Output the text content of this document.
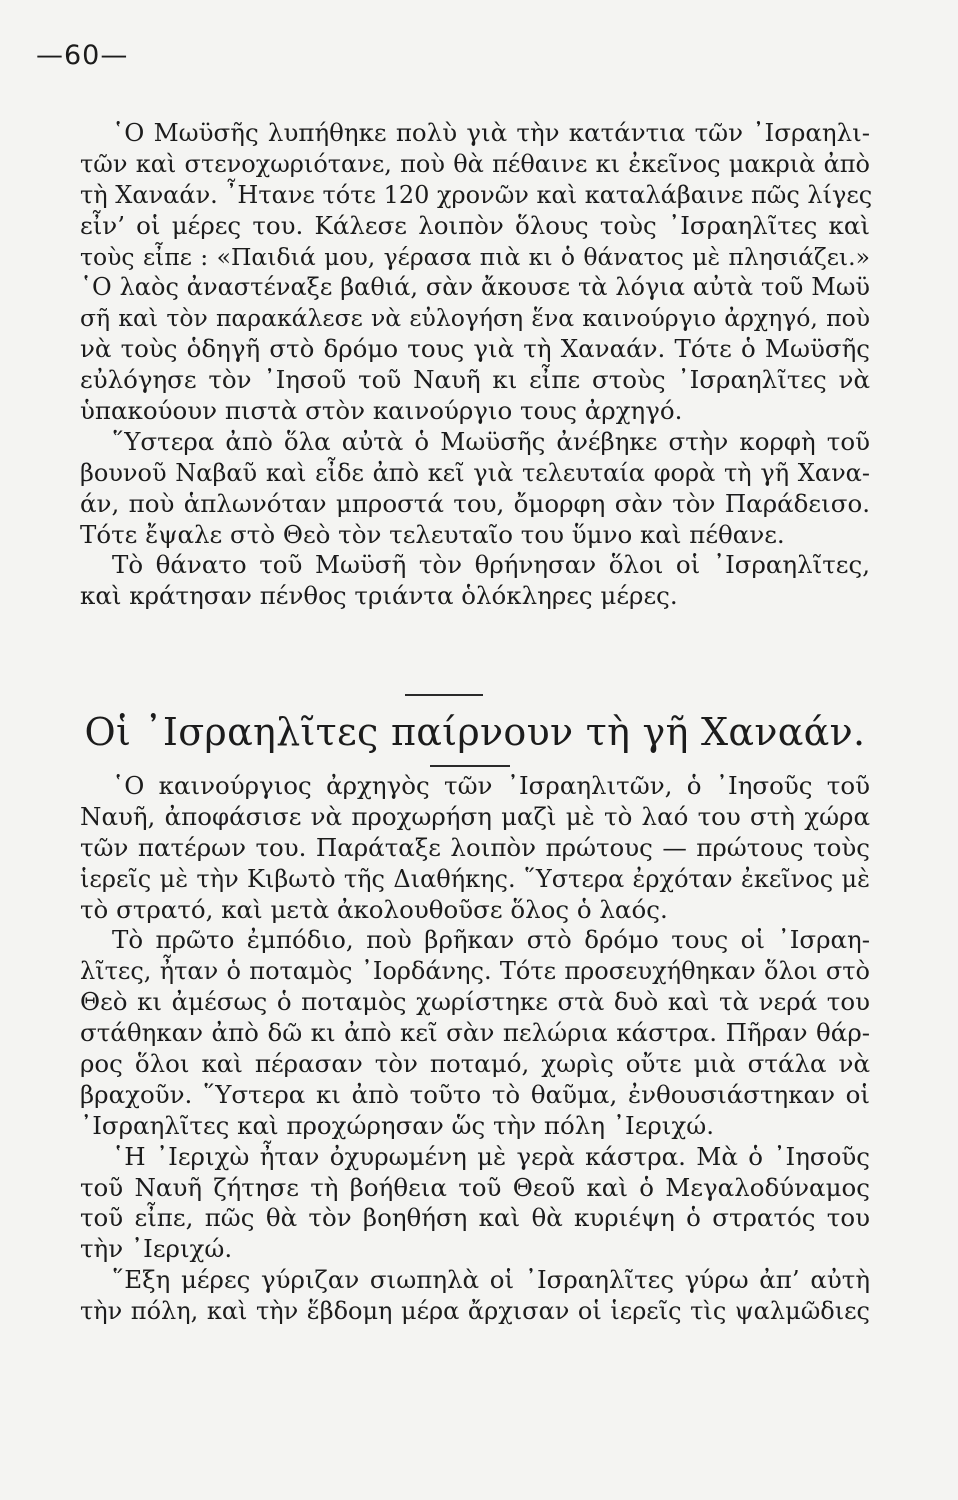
—60—
῾Ο Μωϋσῆς λυπήθηκε πολὺ γιὰ τὴν κατάντια τῶν ᾿Ισραηλι-
τῶν καὶ στενοχωριότανε, ποὺ θὰ πέθαινε κι ἐκεῖνος μακριὰ ἀπὸ
τὴ Χαναάν. ῏Ητανε τότε 120 χρονῶν καὶ καταλάβαινε πῶς λίγες
εἶν’ οἱ μέρες του. Κάλεσε λοιπὸν ὅλους τοὺς ᾿Ισραηλῖτες καὶ
τοὺς εἶπε : «Παιδιά μου, γέρασα πιὰ κι ὁ θάνατος μὲ πλησιάζει.»
῾Ο λαὸς ἀναστέναξε βαθιά, σὰν ἄκουσε τὰ λόγια αὐτὰ τοῦ Μωϋ
σῆ καὶ τὸν παρακάλεσε νὰ εὐλογήση ἕνα καινούργιο ἀρχηγό, ποὺ
νὰ τοὺς ὁδηγῆ στὸ δρόμο τους γιὰ τὴ Χαναάν. Τότε ὁ Μωϋσῆς
εὐλόγησε τὸν ᾿Ιησοῦ τοῦ Ναυῆ κι εἶπε στοὺς ᾿Ισραηλῖτες νὰ
ὑπακούουν πιστὰ στὸν καινούργιο τους ἀρχηγό.
῞Υστερα ἀπὸ ὅλα αὐτὰ ὁ Μωϋσῆς ἀνέβηκε στὴν κορφὴ τοῦ
βουνοῦ Ναβαῦ καὶ εἶδε ἀπὸ κεῖ γιὰ τελευταία φορὰ τὴ γῆ Χανα-
άν, ποὺ ἁπλωνόταν μπροστά του, ὄμορφη σὰν τὸν Παράδεισο.
Τότε ἔψαλε στὸ Θεὸ τὸν τελευταῖο του ὕμνο καὶ πέθανε.
Τὸ θάνατο τοῦ Μωϋσῆ τὸν θρήνησαν ὅλοι οἱ ᾿Ισραηλῖτες,
καὶ κράτησαν πένθος τριάντα ὁλόκληρες μέρες.
Οἱ ᾿Ισραηλῖτες παίρνουν τὴ γῆ Χαναάν.
῾Ο καινούργιος ἀρχηγὸς τῶν ᾿Ισραηλιτῶν, ὁ ᾿Ιησοῦς τοῦ
Ναυῆ, ἀποφάσισε νὰ προχωρήση μαζὶ μὲ τὸ λαό του στὴ χώρα
τῶν πατέρων του. Παράταξε λοιπὸν πρώτους — πρώτους τοὺς
ἱερεῖς μὲ τὴν Κιβωτὸ τῆς Διαθήκης. ῞Υστερα ἐρχόταν ἐκεῖνος μὲ
τὸ στρατό, καὶ μετὰ ἀκολουθοῦσε ὅλος ὁ λαός.
Τὸ πρῶτο ἐμπόδιο, ποὺ βρῆκαν στὸ δρόμο τους οἱ ᾿Ισραη-
λῖτες, ἦταν ὁ ποταμὸς ᾿Ιορδάνης. Τότε προσευχήθηκαν ὅλοι στὸ
Θεὸ κι ἀμέσως ὁ ποταμὸς χωρίστηκε στὰ δυὸ καὶ τὰ νερά του
στάθηκαν ἀπὸ δῶ κι ἀπὸ κεῖ σὰν πελώρια κάστρα. Πῆραν θάρ-
ρος ὅλοι καὶ πέρασαν τὸν ποταμό, χωρὶς οὔτε μιὰ στάλα νὰ
βραχοῦν. ῞Υστερα κι ἀπὸ τοῦτο τὸ θαῦμα, ἐνθουσιάστηκαν οἱ
᾿Ισραηλῖτες καὶ προχώρησαν ὥς τὴν πόλη ᾿Ιεριχώ.
῾Η ᾿Ιεριχὼ ἦταν ὀχυρωμένη μὲ γερὰ κάστρα. Μὰ ὁ ᾿Ιησοῦς
τοῦ Ναυῆ ζήτησε τὴ βοήθεια τοῦ Θεοῦ καὶ ὁ Μεγαλοδύναμος
τοῦ εἶπε, πῶς θὰ τὸν βοηθήση καὶ θὰ κυριέψη ὁ στρατός του
τὴν ᾿Ιεριχώ.
῞Εξη μέρες γύριζαν σιωπηλὰ οἱ ᾿Ισραηλῖτες γύρω ἀπ’ αὐτὴ
τὴν πόλη, καὶ τὴν ἕβδομη μέρα ἄρχισαν οἱ ἱερεῖς τὶς ψαλμῶδιες
